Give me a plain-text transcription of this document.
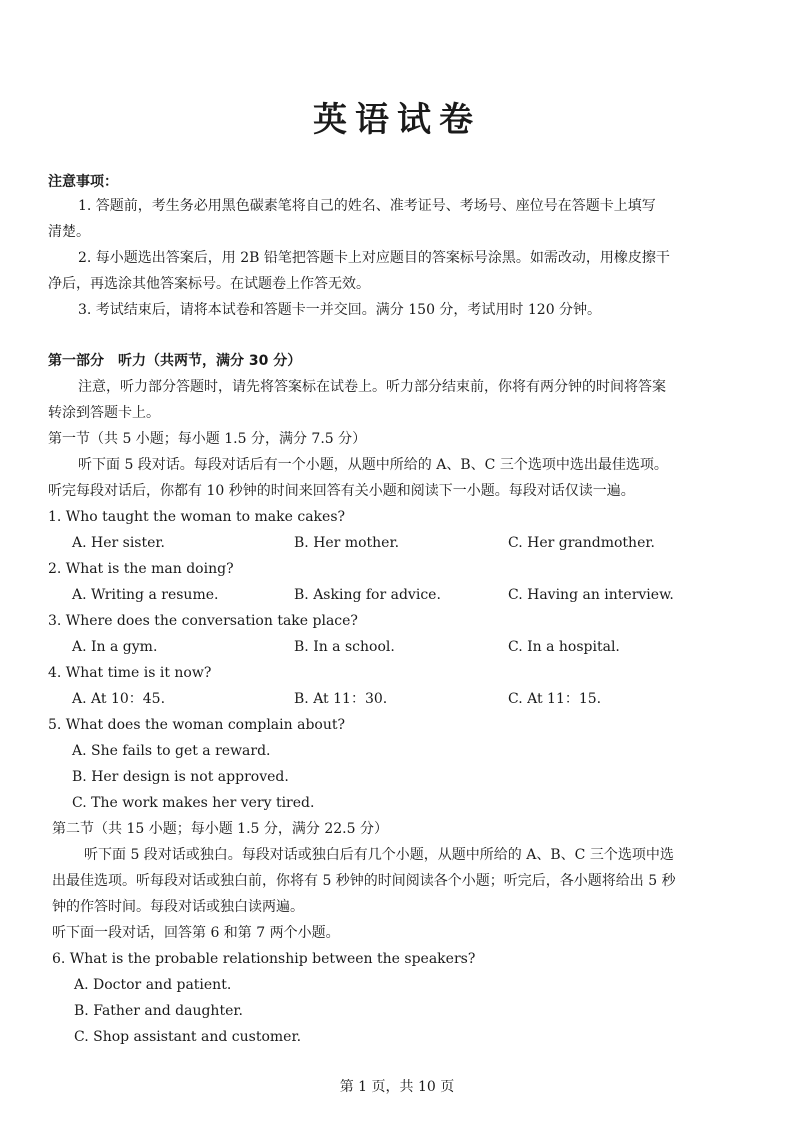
英语试卷
注意事项：
1. 答题前，考生务必用黑色碳素笔将自己的姓名、准考证号、考场号、座位号在答题卡上填写
清楚。
2. 每小题选出答案后，用 2B 铅笔把答题卡上对应题目的答案标号涂黑。如需改动，用橡皮擦干
净后，再选涂其他答案标号。在试题卷上作答无效。
3. 考试结束后，请将本试卷和答题卡一并交回。满分 150 分，考试用时 120 分钟。
第一部分　听力（共两节，满分 30 分）
注意，听力部分答题时，请先将答案标在试卷上。听力部分结束前，你将有两分钟的时间将答案
转涂到答题卡上。
第一节（共 5 小题；每小题 1.5 分，满分 7.5 分）
听下面 5 段对话。每段对话后有一个小题，从题中所给的 A、B、C 三个选项中选出最佳选项。
听完每段对话后，你都有 10 秒钟的时间来回答有关小题和阅读下一小题。每段对话仅读一遍。
1. Who taught the woman to make cakes?
A. Her sister.	B. Her mother.	C. Her grandmother.
2. What is the man doing?
A. Writing a resume.	B. Asking for advice.	C. Having an interview.
3. Where does the conversation take place?
A. In a gym.	B. In a school.	C. In a hospital.
4. What time is it now?
A. At 10：45.	B. At 11：30.	C. At 11：15.
5. What does the woman complain about?
A. She fails to get a reward.
B. Her design is not approved.
C. The work makes her very tired.
第二节（共 15 小题；每小题 1.5 分，满分 22.5 分）
听下面 5 段对话或独白。每段对话或独白后有几个小题，从题中所给的 A、B、C 三个选项中选
出最佳选项。听每段对话或独白前，你将有 5 秒钟的时间阅读各个小题；听完后，各小题将给出 5 秒
钟的作答时间。每段对话或独白读两遍。
听下面一段对话，回答第 6 和第 7 两个小题。
6. What is the probable relationship between the speakers?
A. Doctor and patient.
B. Father and daughter.
C. Shop assistant and customer.
第 1 页，共 10 页
